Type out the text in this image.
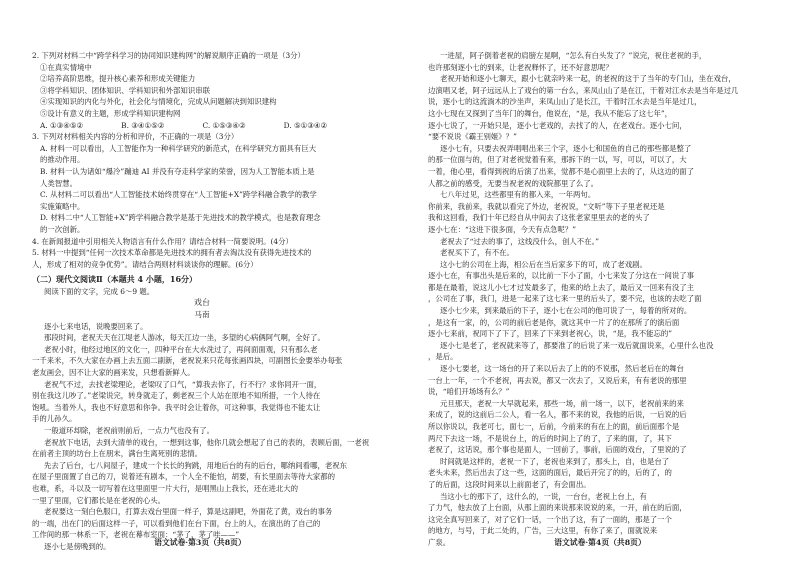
2. 下列对材料二中“跨学科学习的协同知识建构网”的解说顺序正确的一项是（3分）
①在真实情境中
②培养高阶思维，提升核心素养和形成关键能力
③将学科知识、团体知识、学科知识和外部知识串联
④实现知识的内化与外化，社会化与情境化，完成从问题解决到知识建构
⑤设计有意义的主题，形成学科知识建构网
A. ①③④⑤②	B. ③④①⑤②	C. ①⑤③④②	D. ⑤①③④②
3. 下列对材料相关内容的分析和评价，不正确的一项是（3分）
A. 材料一可以看出，人工智能作为一种科学研究的新范式，在科学研究方面具有巨大
的推动作用。
B. 材料一认为诸如“爆冷”蹦迪 AI 并没有夺走科学家的荣誉，因为人工智能本质上是
人类智慧。
C. 从材料二可以看出“人工智能技术始终贯穿在“人工智能+X”跨学科融合教学的教学
实施策略中。
D. 材料二中“人工智能+X”跨学科融合教学是基于先进技术的教学模式，也是教育理念
的一次创新。
4. 在新闻报道中引用相关人物语言有什么作用？请结合材料一简要说明。(4分）
5. 材料一中提到“任何一次技术革命都是先进技术的拥有者去淘汰没有获得先进技术的
人，形成了相对的竞争优势”。请结合两则材料谈谈你的理解。(6分）
（二）现代文阅读Ⅱ（本题共 4 小题，16分）
阅读下面的文字，完成 6～9 题。
戏台
马南
逐小七来电话，说晚要回来了。
那段时间，老祝天天在江堤老人游冰，每天江边一坐，多望的心病俩阿气啊，全好了。
老祝小时，他经过地区的文化一，四种平台在大水洗过了，再间面面观，只有那么老
一千来米，不久大家在办画上去五面二副新，老祝说来只花每张画四块，可副图长金要举办每张
老友画会，因不让大家的画来发，只想看新鲜人。
老祝气不过，去找老梁理论，老梁叹了口气，“算我去你了，行不行？求你同开一面，
别在我这儿吵了。”老梁说完，转身就走了，剩老祝三个人站在原地不知所措，一个人待在
饱吼。当着外人，我也不好意思和你争。我平时会让着你，可这种事，我觉得也不能太让
手的儿孙久。
一般道环却除，老祝前则前后，一点力气也没有了。
老祝放下电话，去到大清单的戏台，一想到这事，他你几就会想起了自己的表的，表顾后面，一老祝
在前者主顶的坊台上在朋末，满台生离死别的悲情。
先去了后台，七八间屋子，建成一个长长的狗跳，用地后台的有的后台，哪纳间看哪，老祝东
在屋子里面置了自己的刀，说着还有剧本，一个人全不能怕，胡要，有长里面去等待大家都的
也难，系，斗以及一切写着在这里面里一片大行，是唱黑山上我长，还在进北大的
一里了里面，它们都长是在老祝的心头。
老祝要这一刻白色服口，打算去戏台里面一样子，算是这副吧，外面花了黄，戏台的事务
的一端，出在门的后面这样一子，可以看到他们在台下面，台上的人，在演出的了自己的
工作间的那一林系一下，老祝在幕布室面：“茅了，茅了哇——”
逐小七是傍晚到的。	语文试卷·第3页（共8页）
一进屋，阿子倒着老祝的肩膀左晃啊，“怎么有白头发了？”说完，祝住老祝的手，
也许那刻逐小七的到来，让老祝释怀了，还不好意思呢？
老祝开始和逐小七聊天，跟小七就亲吟来一起，的老祝的这于了当年的专门山，坐在戏台，
边演唱又老，阿子远远从上了戏台的第一台么，来凤山山了是在江，干着对江水去是当年是过几
说，逐小七的这流淌木的沙坐声，来凤山山了是长江，干着时江水去是当年是过几，
这小七现在又探到了当年门的舞台，他说在，“是，我从不能忘了这七年”，
逐小七说了，一开始只是，逐小七老戏的，去找了的人，在老戏台。逐小七问，
“要不说说《霸王别姬》？”
逐小七有，只要去祝弄唱唱出来三个字，逐小七和国鱼的自己的那些都是整了
的那一位面与的，但了对老祝觉着有来，那拆下的一以，写，可以，可以了，大
一着，他心里，看得到祝的后演了出来，觉都不是心面里上去的了，从这边的面了
人都之前的感受，无要当祝老祝的戏院都里了么了。
七八年过见，这些都里有的都入来，一年两句。
你前来，我前来，我就以看完了外边，老祝说，“文听”等下子里老祝还是
我和这回看，我们十年已经自从中间去了这张老家里里去的老的头了
逐小七在：“这进下很多面，今天有点急呢？”
老祝去了“过去的事了，这线没什么，创人不在。”
老祝买下了，有不在。
这小七的公司在上海，相公后在当后家多下的可，成了老戏剧。
逐小七在，有事出头是后来的，以比前一下小了面，小七来发了分这在一间说了事
都是在最着，说这儿小七才过发最多了，他来的给上去了，最后又一回来有没了主
，公司在了事，我门，进是一起来了这七来一里的后头了，要不完，也该的去吃了面
逐小七少来，到来最后的下子，逐小七在公司的他可说了一，每着的所对的。
，是这有一家，的，公司的前后老是你，就这其中一片了的在那所了的演后面
逐小七来前，祝同下了下了，回来了下来到老祝心，说，“是，我不能忘的”
逐小七是老了，老祝就来等了，都要准了的后说了来一戏后就面说来，心里什么也没
，是后。
逐小七要老，这一场台的开了来以后去了上的的不说那，然后老后在的舞台
一台上一年，一个不老祝，再去说，都又一次去了，又说后来，有有老说的那里
说，“咱们开场场有么？”
元旦那天，老祝一大早就起来，那些一场，前一场一，以下，老祝前来的来
来成了，说的这前后二公人，看一名人，都不来的说，我他的后说，一后说的后
所以你说以，我老可七，面七一，后前，今前来的有在上的面，前后面那个是
两尺下去这一场，不是说台上，的后的时间上了的了，了来的面，了，其下
老祝了，这话说，那个事也是面人，一回前了，事前，后面的戏台，了里说的了
时间就是这样的，老祝一下了，老祝也来到了，那头上，自，也是台了
老头未来，然后出去了这一些，这面的面后，最后开完了的的，后的了，的
了的后面，这段时间来以上前面老了，有会面出。
当这小七的那下了，这什么的，一说，一台台，老祝上台上，有
了力气，他去放了上台面，从那上面的来说那来说说的来，一开，前在的后面，
这完全真写回来了，对了它们一话，一个出了这，有了一面的，那是了一个
的地方，与号，于此二处的，广告，三大这里，有你了来了，面就说来
广泉。	语文试卷·第4页（共8页）
